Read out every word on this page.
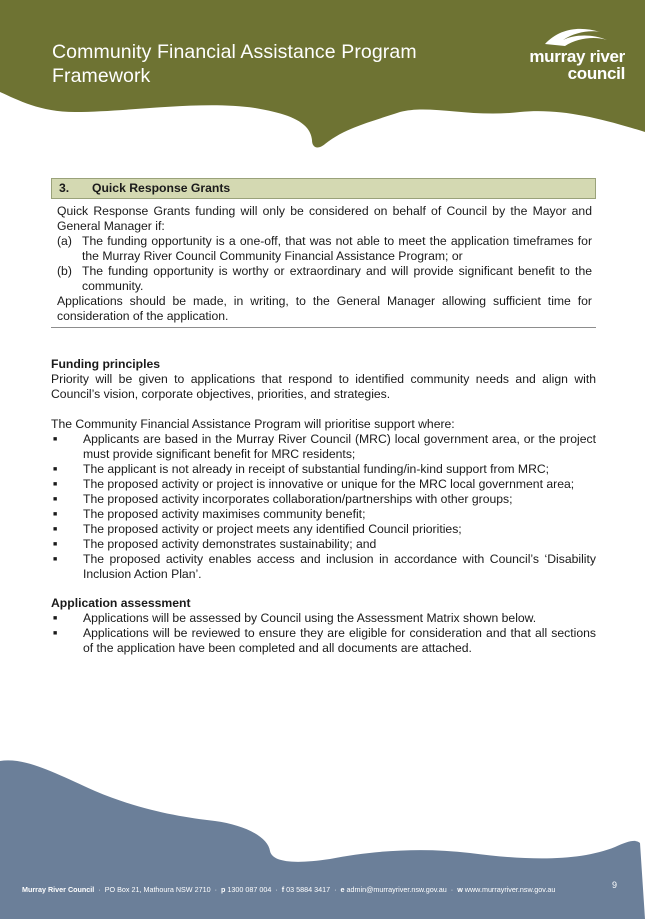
Community Financial Assistance Program
Framework
murray river
council
3. Quick Response Grants

Quick Response Grants funding will only be considered on behalf of Council by the Mayor and General Manager if:

(a) The funding opportunity is a one-off, that was not able to meet the application timeframes for the Murray River Council Community Financial Assistance Program; or
(b) The funding opportunity is worthy or extraordinary and will provide significant benefit to the community.

Applications should be made, in writing, to the General Manager allowing sufficient time for consideration of the application.

Funding principles

Priority will be given to applications that respond to identified community needs and align with Council’s vision, corporate objectives, priorities, and strategies.

The Community Financial Assistance Program will prioritise support where:

■	Applicants are based in the Murray River Council (MRC) local government area, or the project must provide significant benefit for MRC residents;
■	The applicant is not already in receipt of substantial funding/in-kind support from MRC;
■	The proposed activity or project is innovative or unique for the MRC local government area;
■	The proposed activity incorporates collaboration/partnerships with other groups;
■	The proposed activity maximises community benefit;
■	The proposed activity or project meets any identified Council priorities;
■	The proposed activity demonstrates sustainability; and
■	The proposed activity enables access and inclusion in accordance with Council’s ‘Disability Inclusion Action Plan’.
Application assessment
■	Applications will be assessed by Council using the Assessment Matrix shown below.
■	Applications will be reviewed to ensure they are eligible for consideration and that all sections of the application have been completed and all documents are attached.
Murray River Council · PO Box 21, Mathoura NSW 2710 · p 1300 087 004 · f 03 5884 3417 · e admin@murrayriver.nsw.gov.au · w www.murrayriver.nsw.gov.au	9
